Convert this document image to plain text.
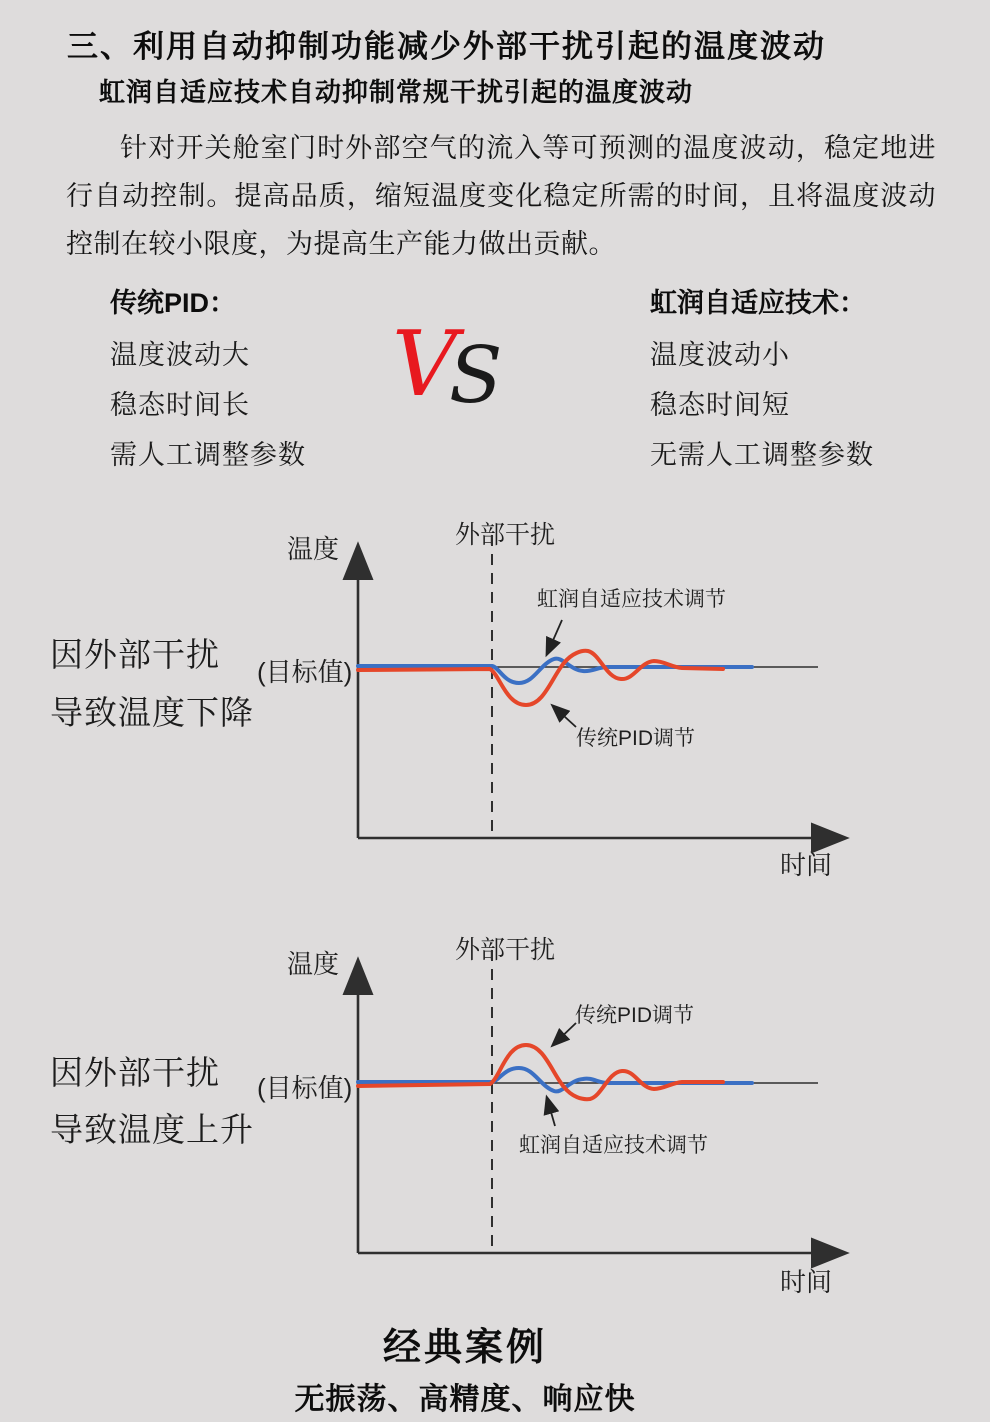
三、利用自动抑制功能减少外部干扰引起的温度波动
虹润自适应技术自动抑制常规干扰引起的温度波动
针对开关舱室门时外部空气的流入等可预测的温度波动，稳定地进行自动控制。提高品质，缩短温度变化稳定所需的时间，且将温度波动控制在较小限度，为提高生产能力做出贡献。
传统PID：
温度波动大
稳态时间长
需人工调整参数
VS
虹润自适应技术：
温度波动小
稳态时间短
无需人工调整参数
因外部干扰
导致温度下降
温度	外部干扰
(目标值)
虹润自适应技术调节
传统PID调节
时间
因外部干扰
导致温度上升
温度	外部干扰
(目标值)
传统PID调节
虹润自适应技术调节
时间
经典案例
无振荡、高精度、响应快
